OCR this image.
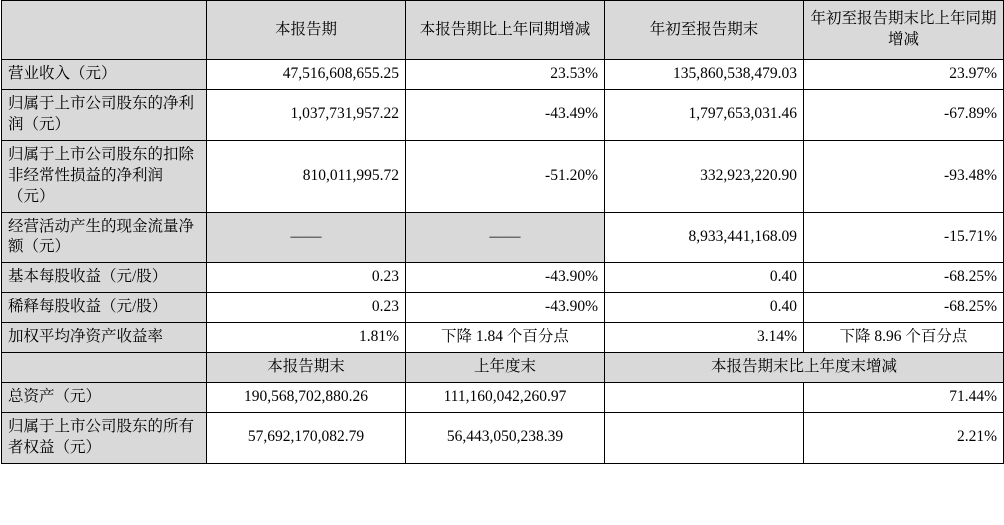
	本报告期	本报告期比上年同期增减	年初至报告期末	年初至报告期末比上年同期增减
营业收入（元）	47,516,608,655.25	23.53%	135,860,538,479.03	23.97%
归属于上市公司股东的净利润（元）	1,037,731,957.22	-43.49%	1,797,653,031.46	-67.89%
归属于上市公司股东的扣除非经常性损益的净利润（元）	810,011,995.72	-51.20%	332,923,220.90	-93.48%
经营活动产生的现金流量净额（元）	——	——	8,933,441,168.09	-15.71%
基本每股收益（元/股）	0.23	-43.90%	0.40	-68.25%
稀释每股收益（元/股）	0.23	-43.90%	0.40	-68.25%
加权平均净资产收益率	1.81%	下降 1.84 个百分点	3.14%	下降 8.96 个百分点
	本报告期末	上年度末	本报告期末比上年度末增减	
总资产（元）	190,568,702,880.26	111,160,042,260.97		71.44%
归属于上市公司股东的所有者权益（元）	57,692,170,082.79	56,443,050,238.39		2.21%
